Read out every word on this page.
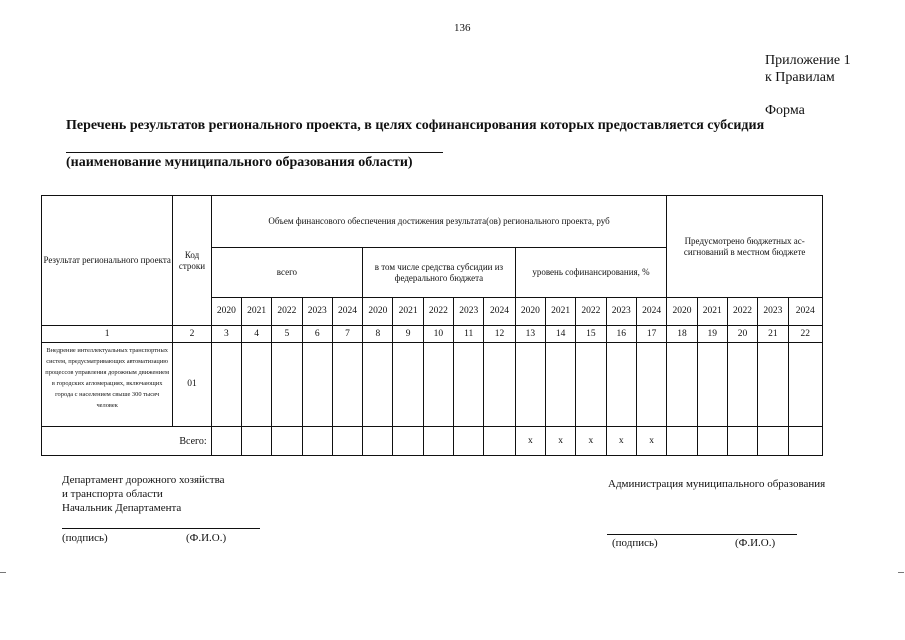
136
Приложение 1
к Правилам
Форма
Перечень результатов регионального проекта, в целях софинансирования которых предоставляется субсидия
(наименование муниципального образования области)
Результат регионального проекта	Код строки	Объем финансового обеспечения достижения результата(ов) регионального проекта, руб															Предусмотрено бюджетных ассигнований в местном бюджете				
		всего					в том числе средства субсидии из федерального бюджета					уровень софинансирования, %									
		2020	2021	2022	2023	2024	2020	2021	2022	2023	2024	2020	2021	2022	2023	2024	2020	2021	2022	2023	2024
1	2	3	4	5	6	7	8	9	10	11	12	13	14	15	16	17	18	19	20	21	22
Внедрение интеллектуальных транспортных систем, предусматривающих автоматизацию процессов управления дорожным движением в городских агломерациях, включающих города с населением свыше 300 тысяч человек	01																				
Всего:												x	x	x	x	x					
Департамент дорожного хозяйства
и транспорта области
Начальник Департамента
Администрация муниципального образования
(подпись)	(Ф.И.О.)	(подпись)	(Ф.И.О.)
